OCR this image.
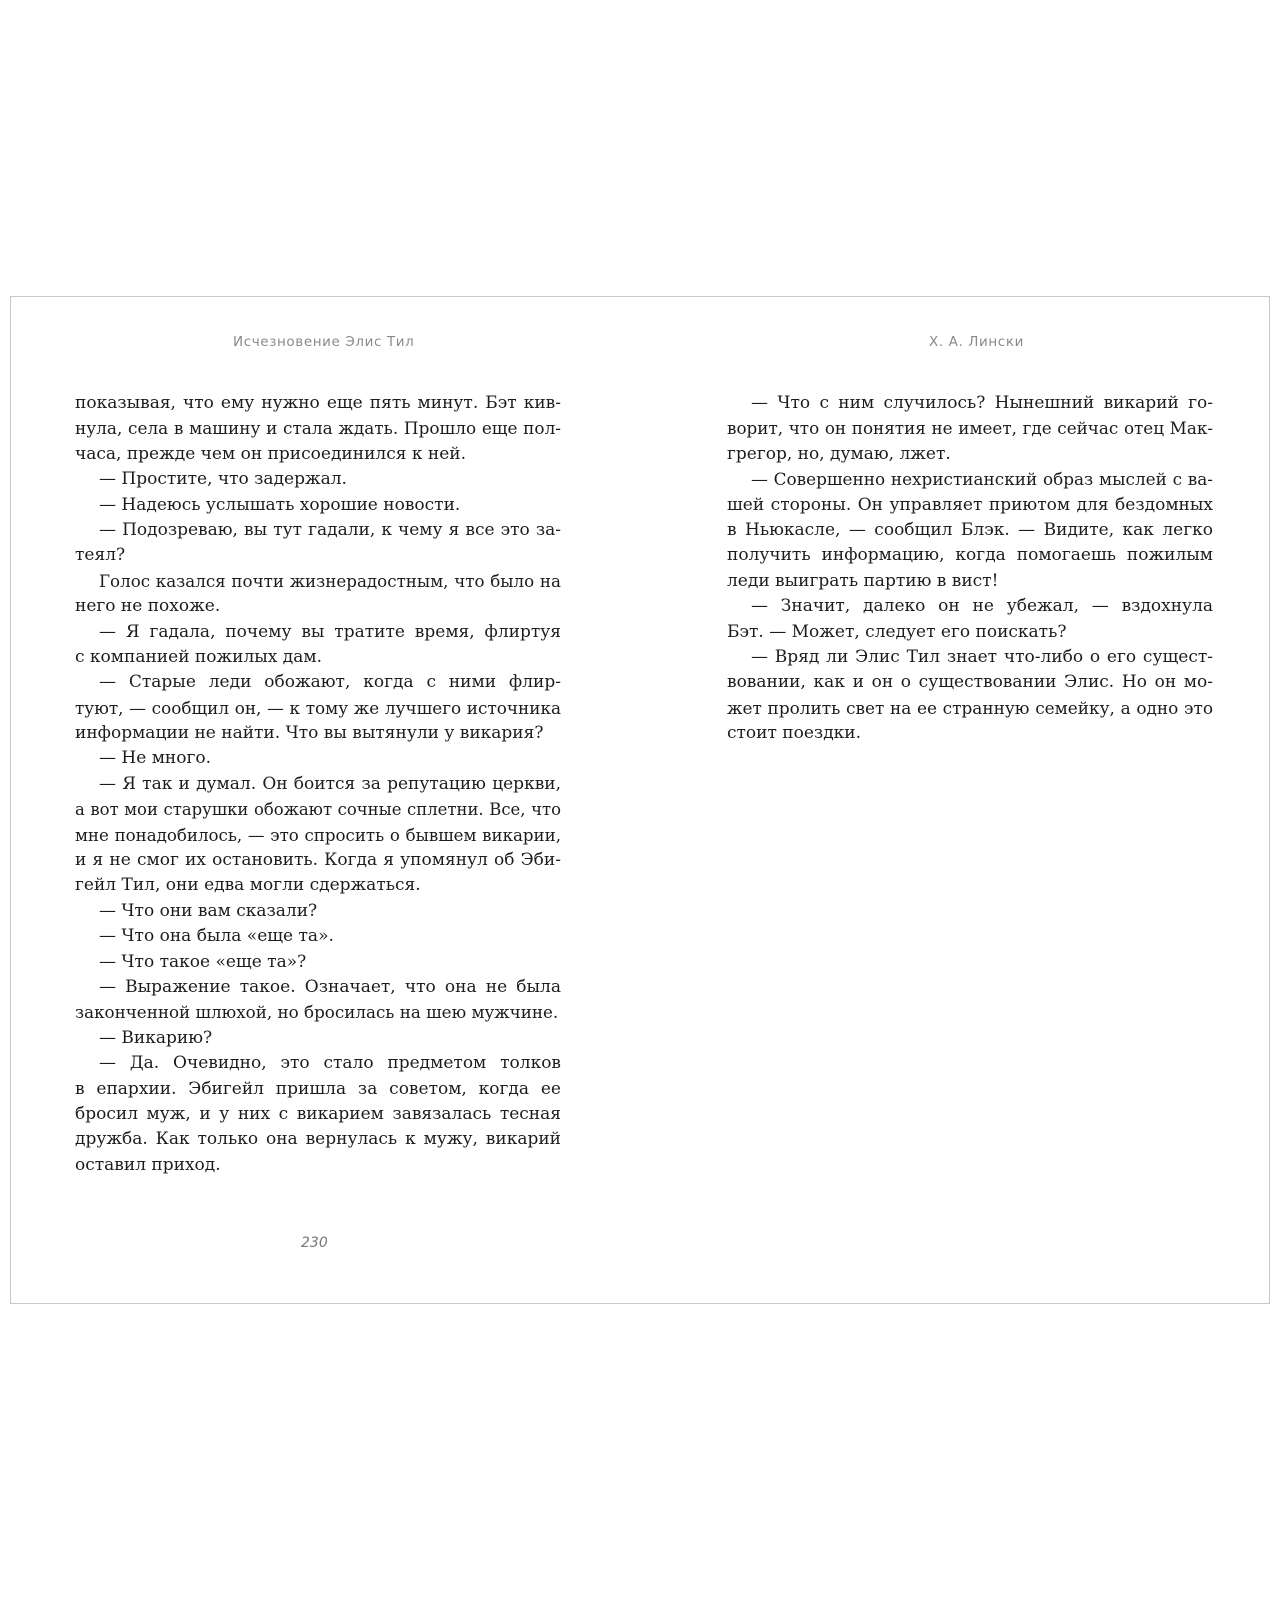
Исчезновение Элис Тил
показывая, что ему нужно еще пять минут. Бэт кив-
нула, села в машину и стала ждать. Прошло еще пол-
часа, прежде чем он присоединился к ней.
— Простите, что задержал.
— Надеюсь услышать хорошие новости.
— Подозреваю, вы тут гадали, к чему я все это за-
теял?
Голос казался почти жизнерадостным, что было на
него не похоже.
— Я гадала, почему вы тратите время, флиртуя
с компанией пожилых дам.
— Старые леди обожают, когда с ними флир-
туют, — сообщил он, — к тому же лучшего источника
информации не найти. Что вы вытянули у викария?
— Не много.
— Я так и думал. Он боится за репутацию церкви,
а вот мои старушки обожают сочные сплетни. Все, что
мне понадобилось, — это спросить о бывшем викарии,
и я не смог их остановить. Когда я упомянул об Эби-
гейл Тил, они едва могли сдержаться.
— Что они вам сказали?
— Что она была «еще та».
— Что такое «еще та»?
— Выражение такое. Означает, что она не была
законченной шлюхой, но бросилась на шею мужчине.
— Викарию?
— Да. Очевидно, это стало предметом толков
в епархии. Эбигейл пришла за советом, когда ее
бросил муж, и у них с викарием завязалась тесная
дружба. Как только она вернулась к мужу, викарий
оставил приход.
230
Х. А. Лински
— Что с ним случилось? Нынешний викарий го-
ворит, что он понятия не имеет, где сейчас отец Мак-
грегор, но, думаю, лжет.
— Совершенно нехристианский образ мыслей с ва-
шей стороны. Он управляет приютом для бездомных
в Ньюкасле, — сообщил Блэк. — Видите, как легко
получить информацию, когда помогаешь пожилым
леди выиграть партию в вист!
— Значит, далеко он не убежал, — вздохнула
Бэт. — Может, следует его поискать?
— Вряд ли Элис Тил знает что-либо о его сущест-
вовании, как и он о существовании Элис. Но он мо-
жет пролить свет на ее странную семейку, а одно это
стоит поездки.
